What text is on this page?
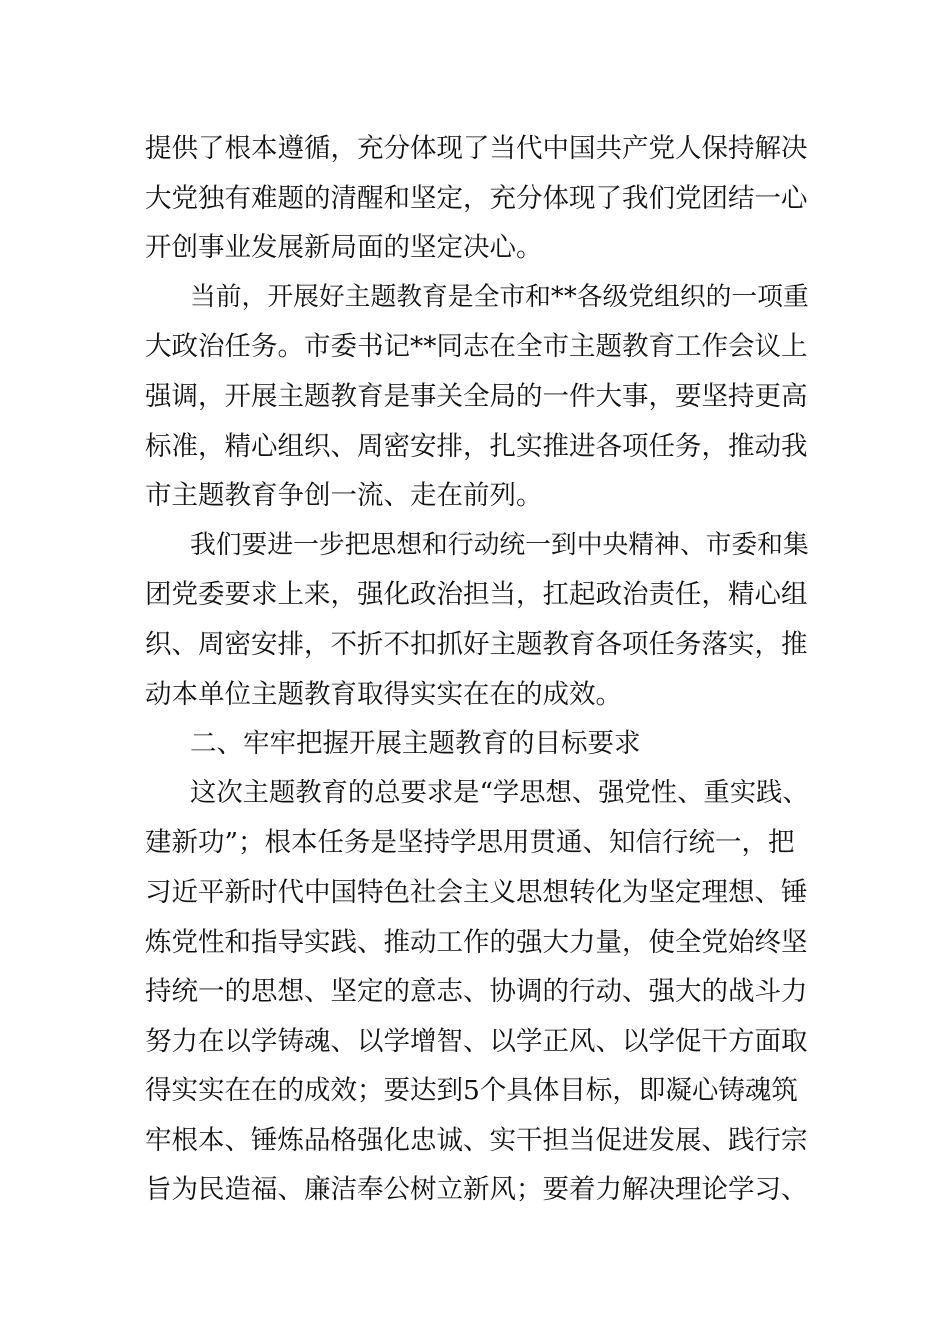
提供了根本遵循，充分体现了当代中国共产党人保持解决
大党独有难题的清醒和坚定，充分体现了我们党团结一心
开创事业发展新局面的坚定决心。
当前，开展好主题教育是全市和**各级党组织的一项重
大政治任务。市委书记**同志在全市主题教育工作会议上
强调，开展主题教育是事关全局的一件大事，要坚持更高
标准，精心组织、周密安排，扎实推进各项任务，推动我
市主题教育争创一流、走在前列。
我们要进一步把思想和行动统一到中央精神、市委和集
团党委要求上来，强化政治担当，扛起政治责任，精心组
织、周密安排，不折不扣抓好主题教育各项任务落实，推
动本单位主题教育取得实实在在的成效。
二、牢牢把握开展主题教育的目标要求
这次主题教育的总要求是“学思想、强党性、重实践、
建新功”；根本任务是坚持学思用贯通、知信行统一，把
习近平新时代中国特色社会主义思想转化为坚定理想、锤
炼党性和指导实践、推动工作的强大力量，使全党始终坚
持统一的思想、坚定的意志、协调的行动、强大的战斗力
努力在以学铸魂、以学增智、以学正风、以学促干方面取
得实实在在的成效；要达到5个具体目标，即凝心铸魂筑
牢根本、锤炼品格强化忠诚、实干担当促进发展、践行宗
旨为民造福、廉洁奉公树立新风；要着力解决理论学习、
